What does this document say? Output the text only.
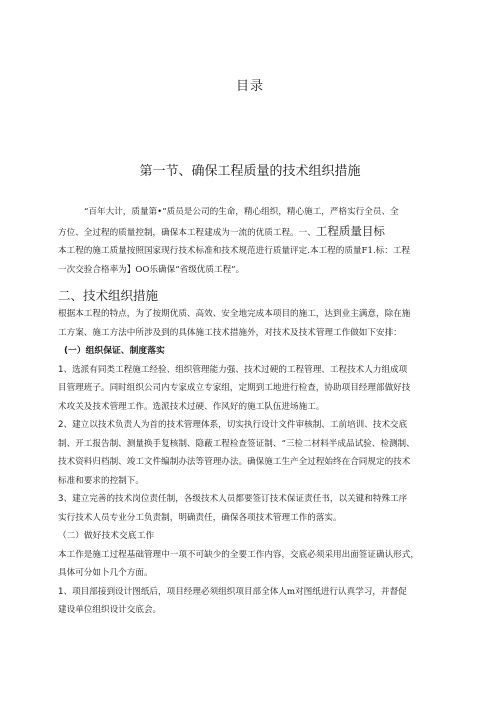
目录
第一节、确保工程质量的技术组织措施

“百年大计，质量第•”质员是公司的生命，精心组织，精心施工，严格实行全员、全

方位、全过程的质量控制，确保本工程建成为一流的优质工程。一、工程质量目标

本工程的施工质量按照国家现行技术标准和技术规范进行质量评定.本工程的质量F1.标：工程

一次交验合格率为】OO乐确保“省级优质工程”。

二、技术组织措施

根据本工程的特点，为了按期优质、高效、安全地完成本项目的施工，达到业主满意，除在施

工方案、施工方法中所涉及到的具体施工技术措施外，对技术及技术管理工作做如下安排：

(一）组织保证、制度落实

1、选派有同类工程施工经验、组织管理能力强、技术过硬的工程管理、工程技术人力组成项

目管理班子。同时组织公司内专家成立专家组，定期到工地进行检查，协助项目经理部做好技

术攻关及技术管理工作。选派技术过硬、作风好的施工队伍进场施工。

2、建立以技术负责人为首的技术管理体系，切实执行设计文件审核制、工前培训、技术交底

制、开工报告制、测量换手复核制、隐蔽工程检查签证制、“三检二材料半成品试验、检测制、

技术资料归档制、竣工文件编制办法等管理办法。确保施工生产全过程始终在合同规定的技术

标准和要求的控制下。

3、建立完善的技术岗位责任制，各级技术人员都要签订技术保证责任书，以关键和特殊工序

实行技术人员专业分工负责制，明确责任，确保各项技术管理工作的落实。

（二）做好技术交底工作

本工作是施工过程基础管理中一项不可缺少的全要工作内容，交底必须采用出面签证确认形式，

具体可分如卜几个方面。

1、项目部接到设计图纸后，项目经理必须组织项目部全体人m对图纸进行认真学习，并督促

建设单位组织设计交底会。
